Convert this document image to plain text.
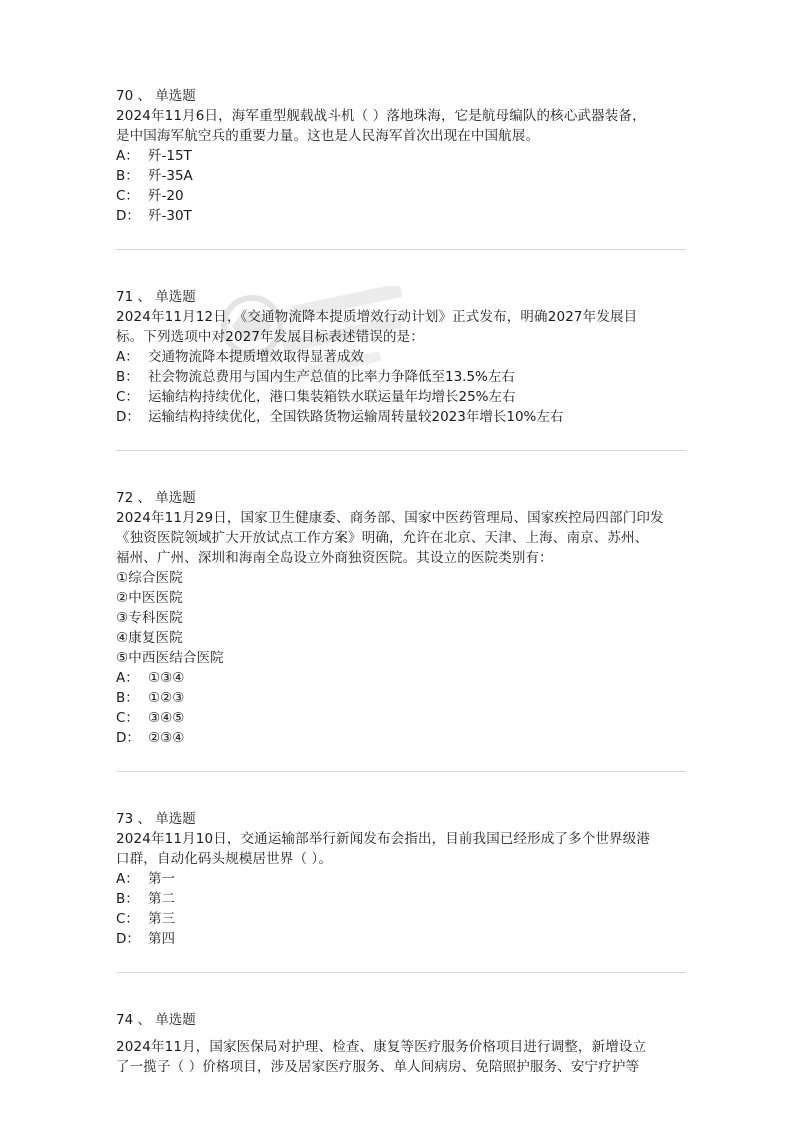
70 、 单选题
2024年11月6日，海军重型舰载战斗机（ ）落地珠海，它是航母编队的核心武器装备，
是中国海军航空兵的重要力量。这也是人民海军首次出现在中国航展。
A： 歼-15T
B： 歼-35A
C： 歼-20
D： 歼-30T
71 、 单选题
2024年11月12日，《交通物流降本提质增效行动计划》正式发布，明确2027年发展目
标。下列选项中对2027年发展目标表述错误的是：
A： 交通物流降本提质增效取得显著成效
B： 社会物流总费用与国内生产总值的比率力争降低至13.5%左右
C： 运输结构持续优化，港口集装箱铁水联运量年均增长25%左右
D： 运输结构持续优化，全国铁路货物运输周转量较2023年增长10%左右
72 、 单选题
2024年11月29日，国家卫生健康委、商务部、国家中医药管理局、国家疾控局四部门印发
《独资医院领域扩大开放试点工作方案》明确，允许在北京、天津、上海、南京、苏州、
福州、广州、深圳和海南全岛设立外商独资医院。其设立的医院类别有：
①综合医院
②中医医院
③专科医院
④康复医院
⑤中西医结合医院
A： ①③④
B： ①②③
C： ③④⑤
D： ②③④
73 、 单选题
2024年11月10日，交通运输部举行新闻发布会指出，目前我国已经形成了多个世界级港
口群，自动化码头规模居世界（ ）。
A： 第一
B： 第二
C： 第三
D： 第四
74 、 单选题
2024年11月，国家医保局对护理、检查、康复等医疗服务价格项目进行调整，新增设立
了一揽子（ ）价格项目，涉及居家医疗服务、单人间病房、免陪照护服务、安宁疗护等
